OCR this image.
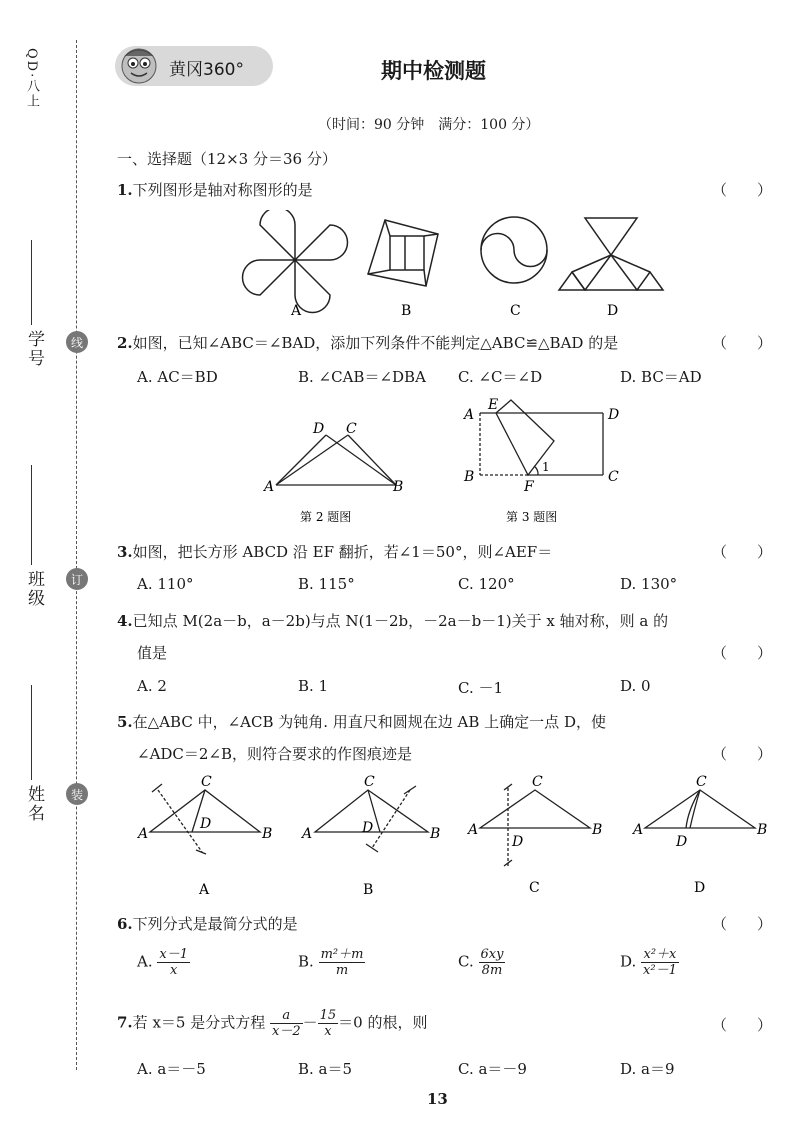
QD·八上
学号
班级
姓名
线
订
装
黄冈360°	期中检测题
（时间：90 分钟　满分：100 分）
一、选择题（12×3 分＝36 分）
1.下列图形是轴对称图形的是	（　　）
A	B	C	D
2.如图，已知∠ABC＝∠BAD，添加下列条件不能判定△ABC≌△BAD 的是	（　　）
A. AC＝BD	B. ∠CAB＝∠DBA C. ∠C＝∠D	D. BC＝AD
A	B
C
D
第 2 题图
A	D
B	C
E
F
1
第 3 题图
3.如图，把长方形 ABCD 沿 EF 翻折，若∠1＝50°，则∠AEF＝	（　　）
A. 110°	B. 115°	C. 120°	D. 130°
4.已知点 M(2a－b，a－2b)与点 N(1－2b，－2a－b－1)关于 x 轴对称，则 a 的
值是	（　　）
A. 2	B. 1	C. －1	D. 0
5.在△ABC 中，∠ACB 为钝角. 用直尺和圆规在边 AB 上确定一点 D，使
∠ADC＝2∠B，则符合要求的作图痕迹是	（　　）
A	B
C
D
A	B
C
D	A	B
C
D
A	B
C
D
A	B	C	D
6.下列分式是最简分式的是	（　　）
A. $\frac{x-1}{x}$	B. $\frac{\text{m²＋m}}{m}$	C. $\frac{6xy}{8m}$	D. $\frac{\text{x²＋x}}{\text{x²－1}}$
7.若 x＝5 是分式方程 $\frac{a}{x-2} - \frac{15}{x} =0$ 的根，则	（　　）
A. a＝－5	B. a＝5	C. a＝－9	D. a＝9
13
